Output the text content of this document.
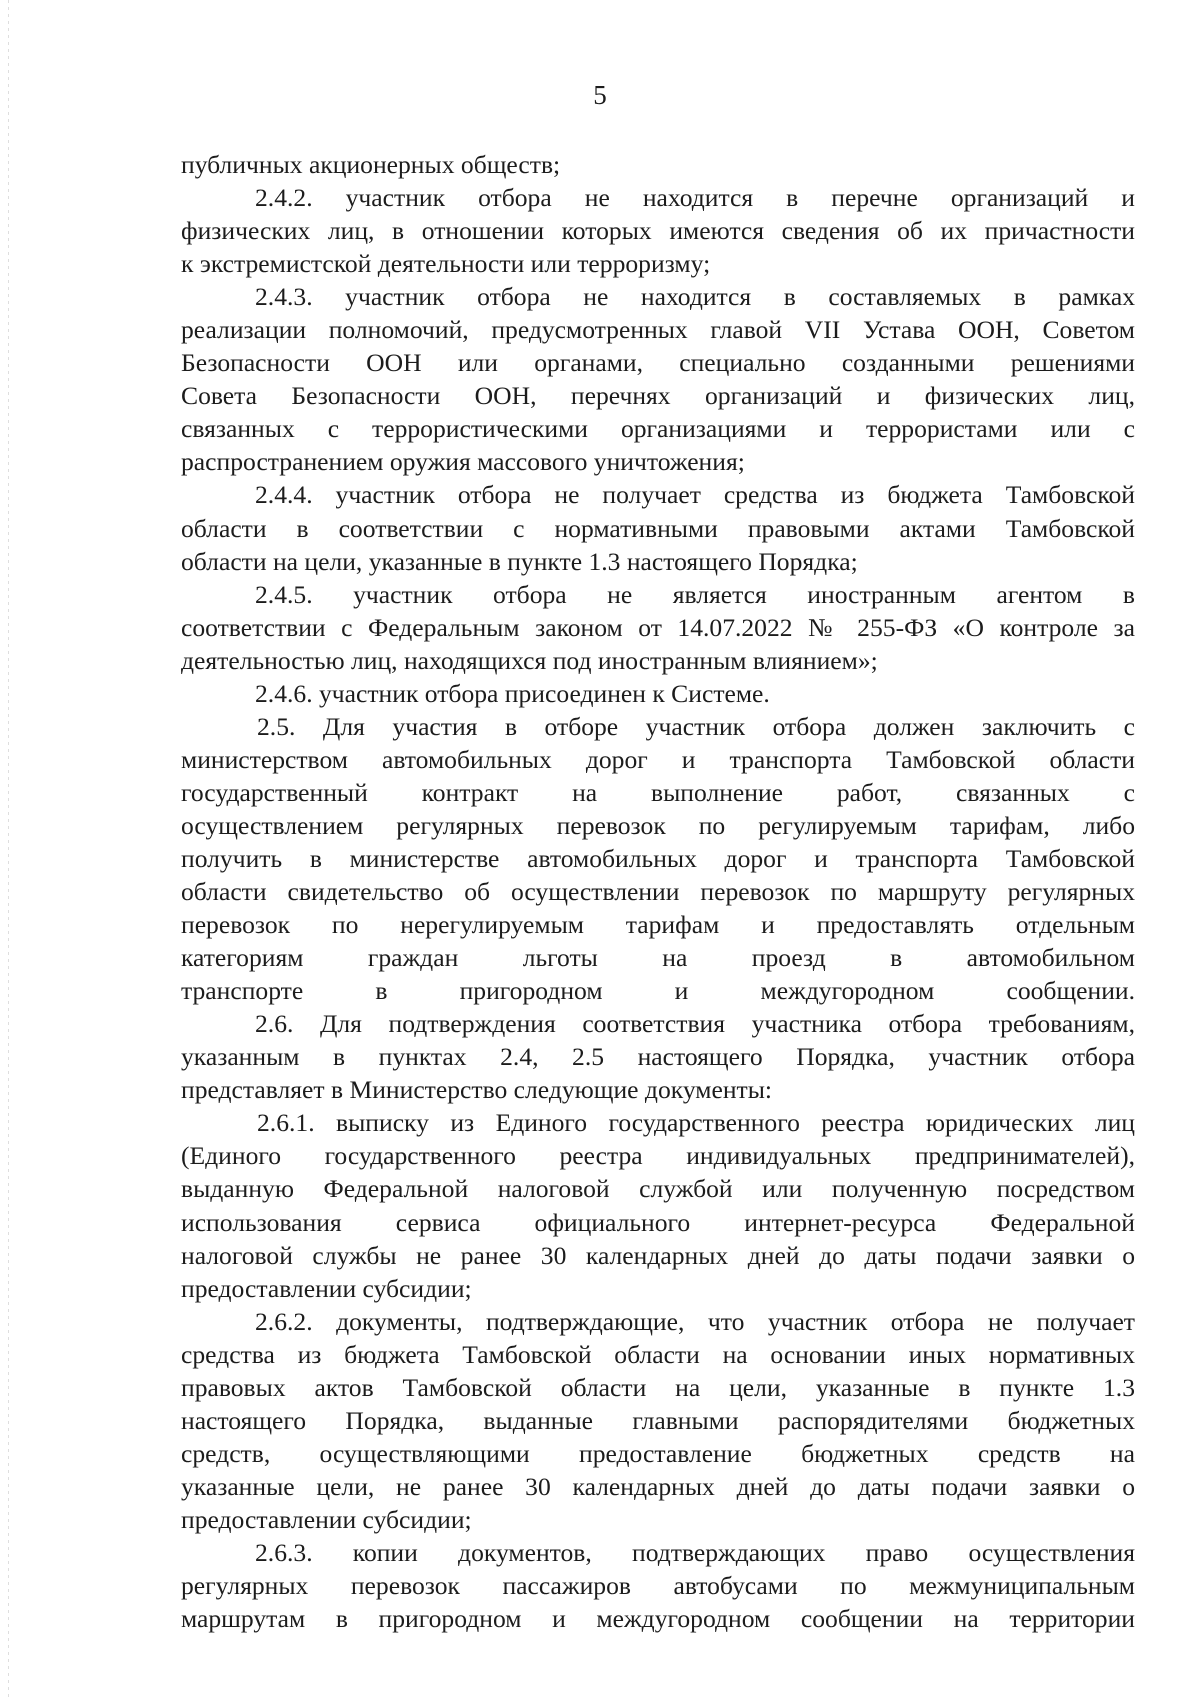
5
публичных акционерных обществ;
2.4.2. участник отбора не находится в перечне организаций и
физических лиц, в отношении которых имеются сведения об их причастности
к экстремистской деятельности или терроризму;
2.4.3. участник отбора не находится в составляемых в рамках
реализации полномочий, предусмотренных главой VII Устава ООН, Советом
Безопасности ООН или органами, специально созданными решениями
Совета Безопасности ООН, перечнях организаций и физических лиц,
связанных с террористическими организациями и террористами или с
распространением оружия массового уничтожения;
2.4.4. участник отбора не получает средства из бюджета Тамбовской
области в соответствии с нормативными правовыми актами Тамбовской
области на цели, указанные в пункте 1.3 настоящего Порядка;
2.4.5. участник отбора не является иностранным агентом в
соответствии с Федеральным законом от 14.07.2022 № 255-ФЗ «О контроле за
деятельностью лиц, находящихся под иностранным влиянием»;
2.4.6. участник отбора присоединен к Системе.
2.5. Для участия в отборе участник отбора должен заключить с
министерством автомобильных дорог и транспорта Тамбовской области
государственный контракт на выполнение работ, связанных с
осуществлением регулярных перевозок по регулируемым тарифам, либо
получить в министерстве автомобильных дорог и транспорта Тамбовской
области свидетельство об осуществлении перевозок по маршруту регулярных
перевозок по нерегулируемым тарифам и предоставлять отдельным
категориям граждан льготы на проезд в автомобильном
транспорте в пригородном и междугородном сообщении.
2.6. Для подтверждения соответствия участника отбора требованиям,
указанным в пунктах 2.4, 2.5 настоящего Порядка, участник отбора
представляет в Министерство следующие документы:
2.6.1. выписку из Единого государственного реестра юридических лиц
(Единого государственного реестра индивидуальных предпринимателей),
выданную Федеральной налоговой службой или полученную посредством
использования сервиса официального интернет-ресурса Федеральной
налоговой службы не ранее 30 календарных дней до даты подачи заявки о
предоставлении субсидии;
2.6.2. документы, подтверждающие, что участник отбора не получает
средства из бюджета Тамбовской области на основании иных нормативных
правовых актов Тамбовской области на цели, указанные в пункте 1.3
настоящего Порядка, выданные главными распорядителями бюджетных
средств, осуществляющими предоставление бюджетных средств на
указанные цели, не ранее 30 календарных дней до даты подачи заявки о
предоставлении субсидии;
2.6.3. копии документов, подтверждающих право осуществления
регулярных перевозок пассажиров автобусами по межмуниципальным
маршрутам в пригородном и междугородном сообщении на территории
